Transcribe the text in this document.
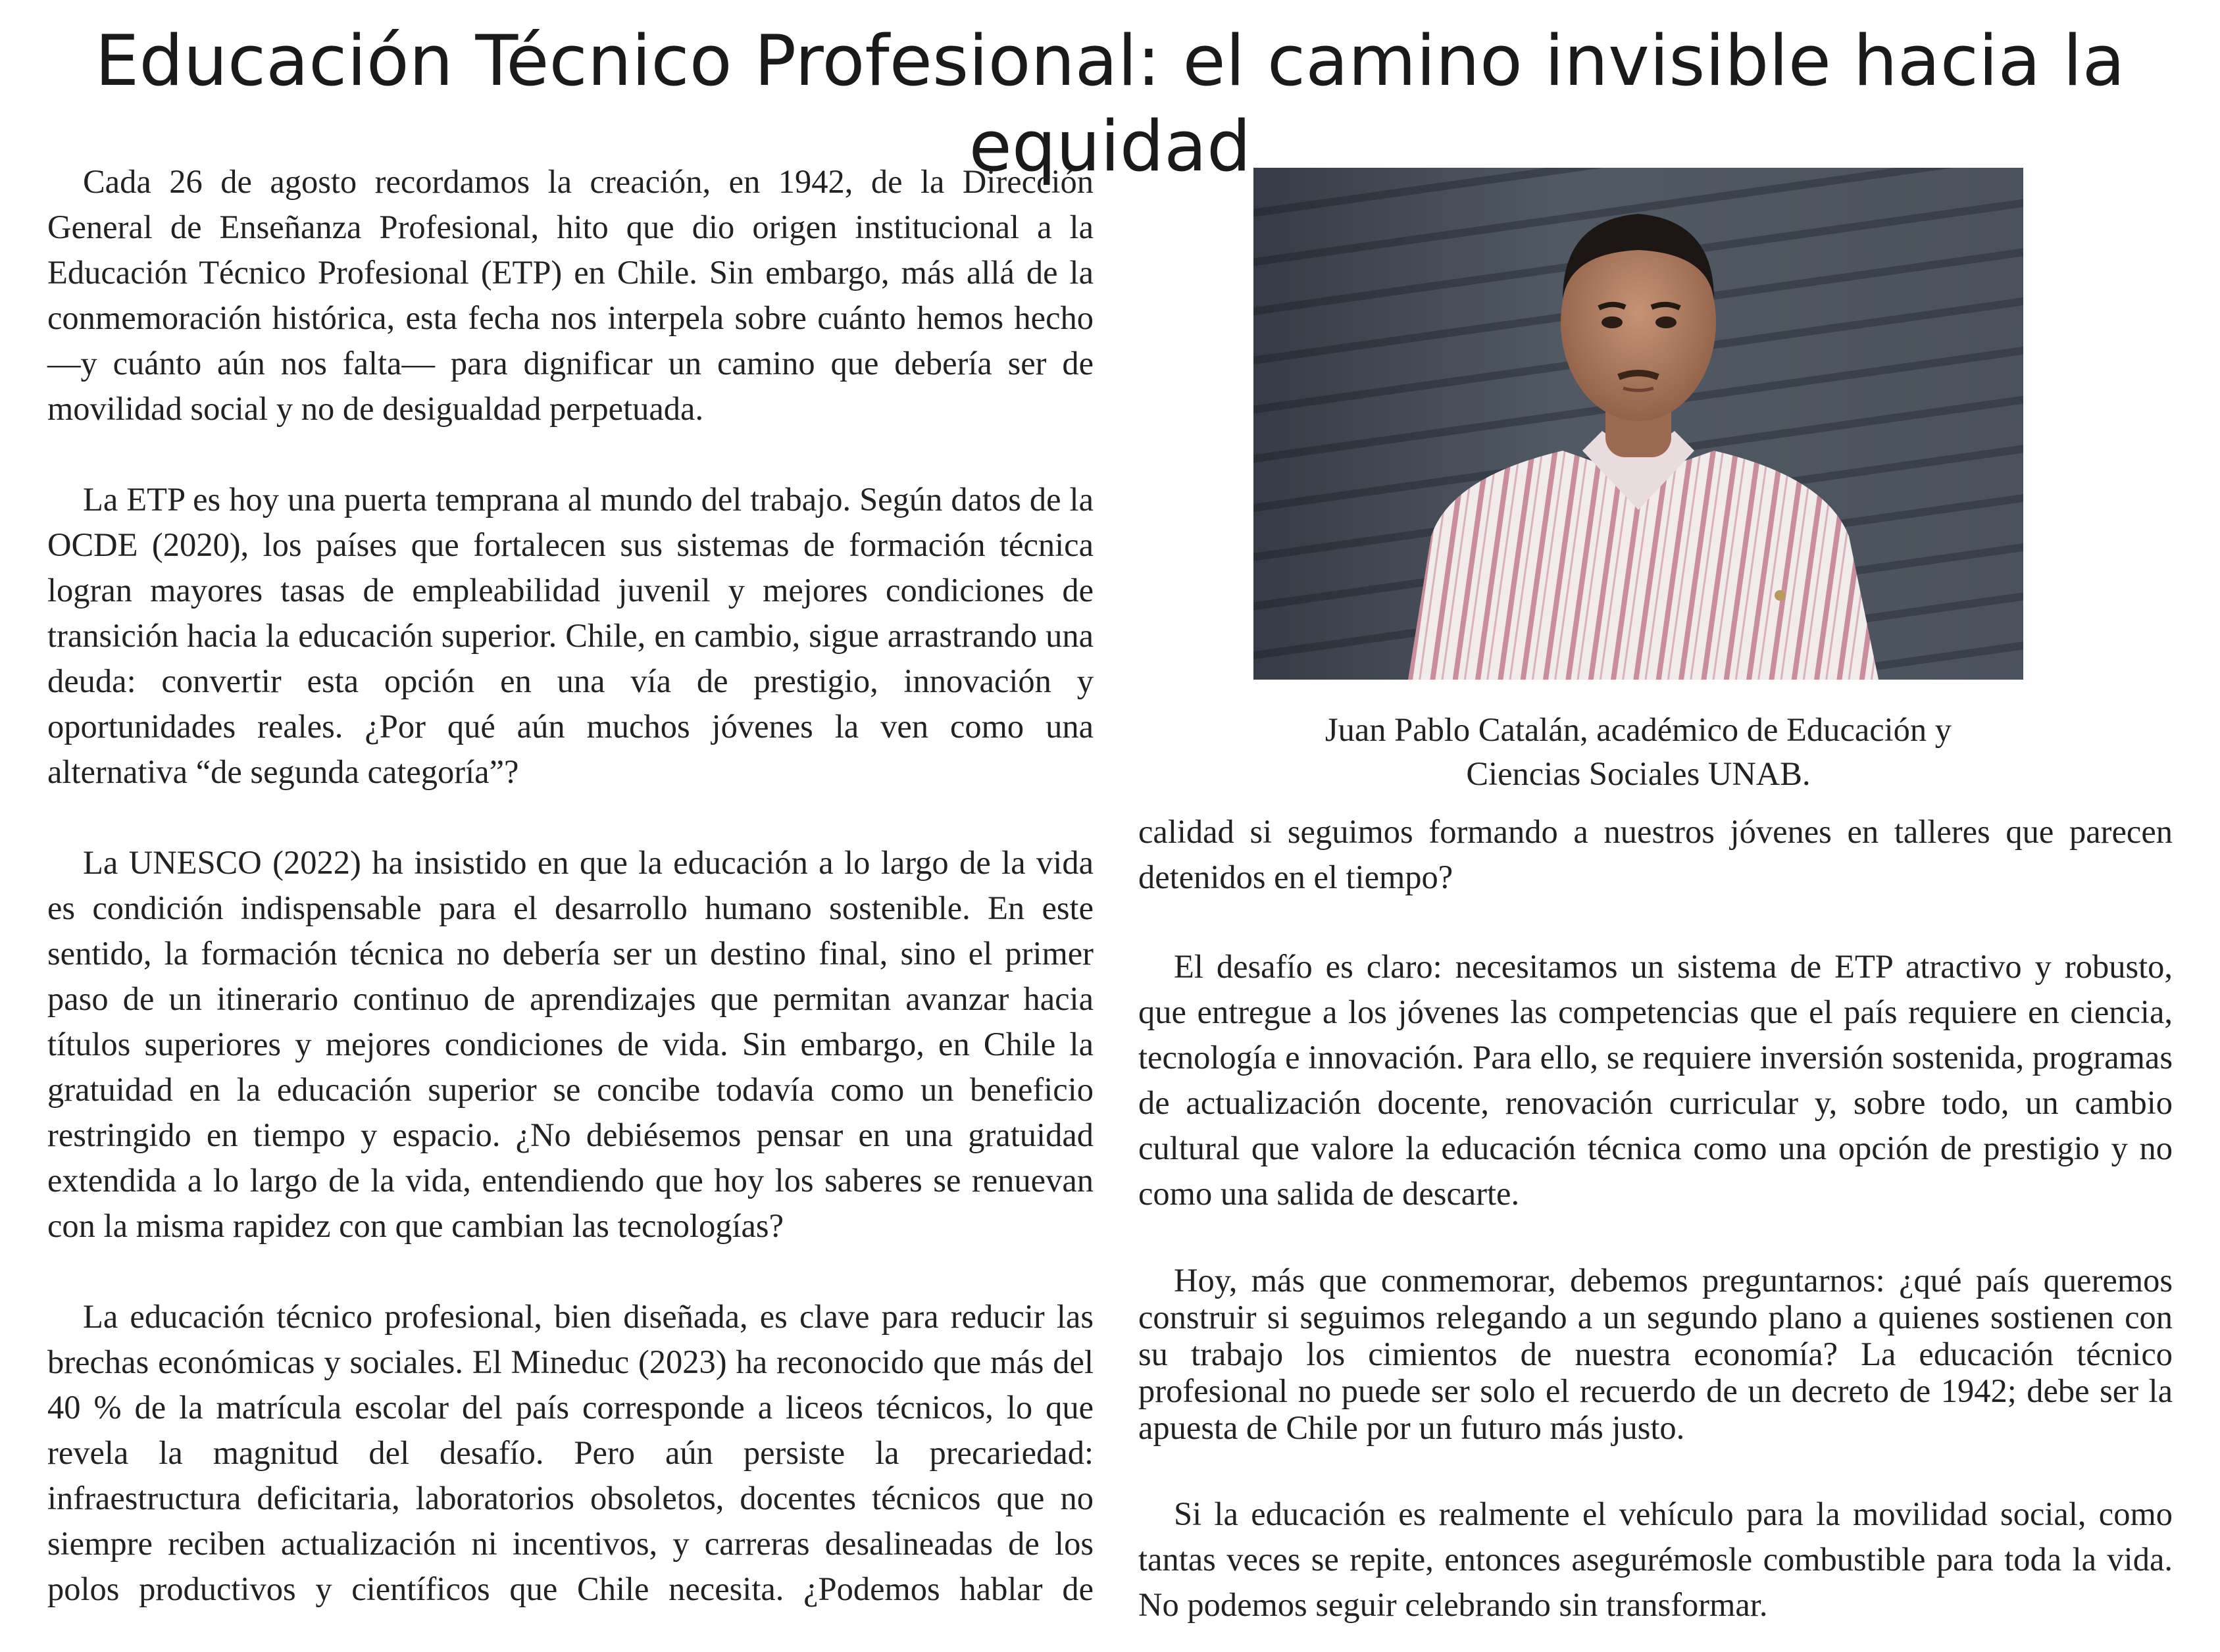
Educación Técnico Profesional: el camino invisible hacia la equidad

Cada 26 de agosto recordamos la creación, en 1942, de la Dirección General de Enseñanza Profesional, hito que dio origen institucional a la Educación Técnico Profesional (ETP) en Chile. Sin embargo, más allá de la conmemoración histórica, esta fecha nos interpela sobre cuánto hemos hecho —y cuánto aún nos falta— para dignificar un camino que debería ser de movilidad social y no de desigualdad perpetuada.

La ETP es hoy una puerta temprana al mundo del trabajo. Según datos de la OCDE (2020), los países que fortalecen sus sistemas de formación técnica logran mayores tasas de empleabilidad juvenil y mejores condiciones de transición hacia la educación superior. Chile, en cambio, sigue arrastrando una deuda: convertir esta opción en una vía de prestigio, innovación y oportunidades reales. ¿Por qué aún muchos jóvenes la ven como una alternativa “de segunda categoría”?

La UNESCO (2022) ha insistido en que la educación a lo largo de la vida es condición indispensable para el desarrollo humano sostenible. En este sentido, la formación técnica no debería ser un destino final, sino el primer paso de un itinerario continuo de aprendizajes que permitan avanzar hacia títulos superiores y mejores condiciones de vida. Sin embargo, en Chile la gratuidad en la educación superior se concibe todavía como un beneficio restringido en tiempo y espacio. ¿No debiésemos pensar en una gratuidad extendida a lo largo de la vida, entendiendo que hoy los saberes se renuevan con la misma rapidez con que cambian las tecnologías?

La educación técnico profesional, bien diseñada, es clave para reducir las brechas económicas y sociales. El Mineduc (2023) ha reconocido que más del 40 % de la matrícula escolar del país corresponde a liceos técnicos, lo que revela la magnitud del desafío. Pero aún persiste la precariedad: infraestructura deficitaria, laboratorios obsoletos, docentes técnicos que no siempre reciben actualización ni incentivos, y carreras desalineadas de los polos productivos y científicos que Chile necesita. ¿Podemos hablar de

Juan Pablo Catalán, académico de Educación y
Ciencias Sociales UNAB.

calidad si seguimos formando a nuestros jóvenes en talleres que parecen detenidos en el tiempo?

El desafío es claro: necesitamos un sistema de ETP atractivo y robusto, que entregue a los jóvenes las competencias que el país requiere en ciencia, tecnología e innovación. Para ello, se requiere inversión sostenida, programas de actualización docente, renovación curricular y, sobre todo, un cambio cultural que valore la educación técnica como una opción de prestigio y no como una salida de descarte.

Hoy, más que conmemorar, debemos preguntarnos: ¿qué país queremos construir si seguimos relegando a un segundo plano a quienes sostienen con su trabajo los cimientos de nuestra economía? La educación técnico profesional no puede ser solo el recuerdo de un decreto de 1942; debe ser la apuesta de Chile por un futuro más justo.

Si la educación es realmente el vehículo para la movilidad social, como tantas veces se repite, entonces asegurémosle combustible para toda la vida. No podemos seguir celebrando sin transformar.
